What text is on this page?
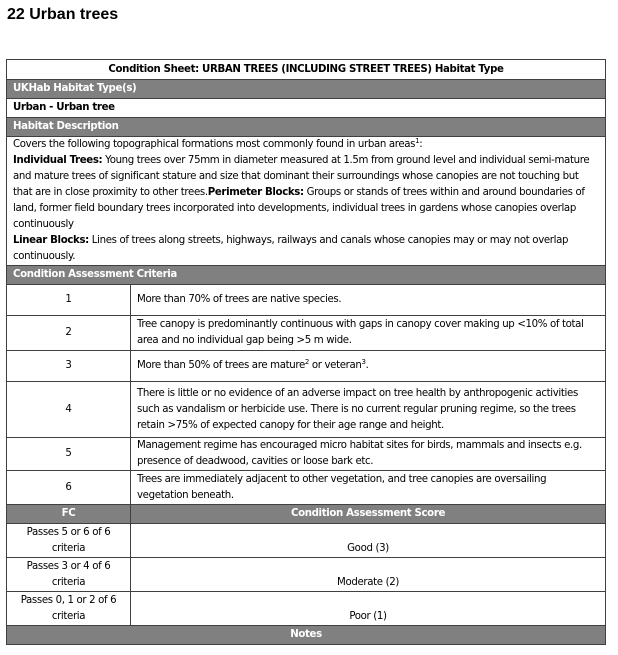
22 Urban trees
Condition Sheet: URBAN TREES (INCLUDING STREET TREES) Habitat Type	
UKHab Habitat Type(s)	
Urban - Urban tree	
Habitat Description	
Covers the following topographical formations most commonly found in urban areas$^1$:
Individual Trees: Young trees over 75mm in diameter measured at 1.5m from ground level and individual semi-mature and mature trees of significant stature and size that dominant their surroundings whose canopies are not touching but that are in close proximity to other trees.Perimeter Blocks: Groups or stands of trees within and around boundaries of land, former field boundary trees incorporated into developments, individual trees in gardens whose canopies overlap continuously
Linear Blocks: Lines of trees along streets, highways, railways and canals whose canopies may or may not overlap continuously.	
Condition Assessment Criteria	
1	More than 70% of trees are native species.
2	Tree canopy is predominantly continuous with gaps in canopy cover making up <10% of total area and no individual gap being >5 m wide.
3	More than 50% of trees are mature$^2$ or veteran$^3$.
4	There is little or no evidence of an adverse impact on tree health by anthropogenic activities such as vandalism or herbicide use. There is no current regular pruning regime, so the trees retain >75% of expected canopy for their age range and height.
5	Management regime has encouraged micro habitat sites for birds, mammals and insects e.g. presence of deadwood, cavities or loose bark etc.
6	Trees are immediately adjacent to other vegetation, and tree canopies are oversailing vegetation beneath.
FC	Condition Assessment Score
Passes 5 or 6 of 6 criteria	Good (3)
Passes 3 or 4 of 6 criteria	Moderate (2)
Passes 0, 1 or 2 of 6 criteria	Poor (1)
Notes	
